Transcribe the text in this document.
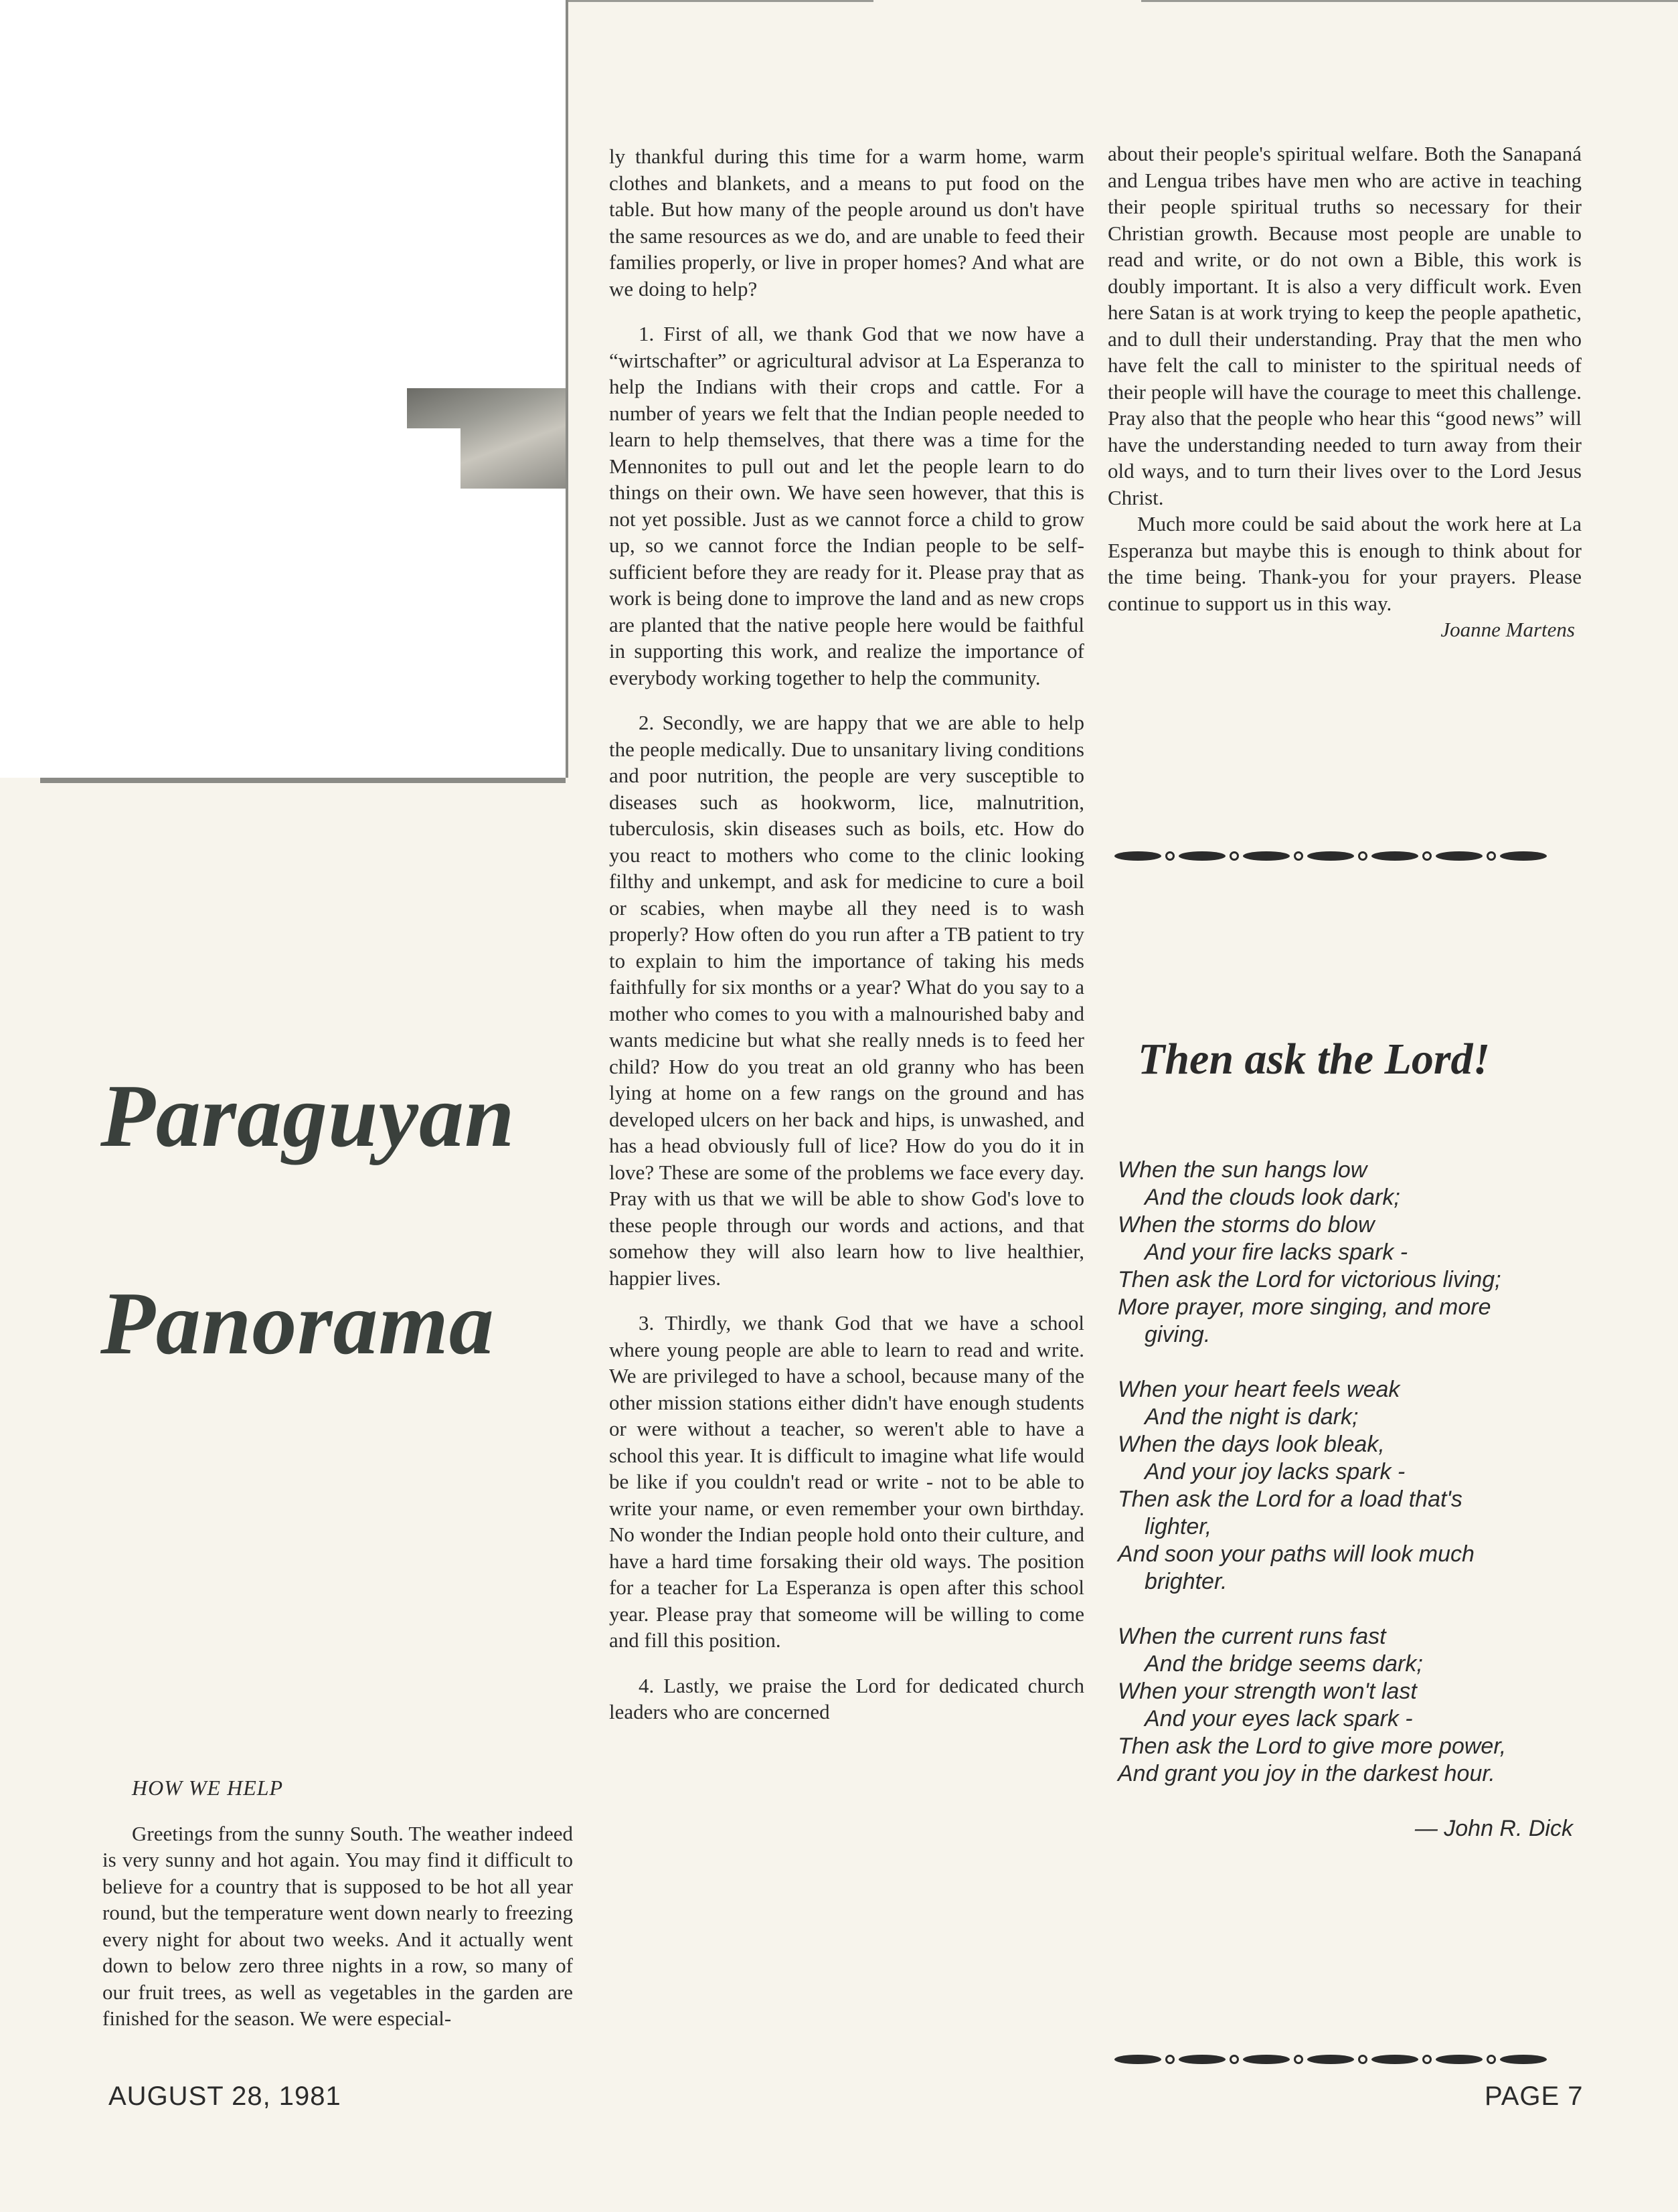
Paraguyan
Panorama

HOW WE HELP

Greetings from the sunny South. The weather indeed is very sunny and hot again. You may find it difficult to believe for a country that is supposed to be hot all year round, but the temperature went down nearly to freezing every night for about two weeks. And it actually went down to below zero three nights in a row, so many of our fruit trees, as well as vegetables in the garden are finished for the season. We were especial-

ly thankful during this time for a warm home, warm clothes and blankets, and a means to put food on the table. But how many of the people around us don't have the same resources as we do, and are unable to feed their families properly, or live in proper homes? And what are we doing to help?

1. First of all, we thank God that we now have a “wirtschafter” or agricultural advisor at La Esperanza to help the Indians with their crops and cattle. For a number of years we felt that the Indian people needed to learn to help themselves, that there was a time for the Mennonites to pull out and let the people learn to do things on their own. We have seen however, that this is not yet possible. Just as we cannot force a child to grow up, so we cannot force the Indian people to be self-sufficient before they are ready for it. Please pray that as work is being done to improve the land and as new crops are planted that the native people here would be faithful in supporting this work, and realize the importance of everybody working together to help the community.

2. Secondly, we are happy that we are able to help the people medically. Due to unsanitary living conditions and poor nutrition, the people are very susceptible to diseases such as hookworm, lice, malnutrition, tuberculosis, skin diseases such as boils, etc. How do you react to mothers who come to the clinic looking filthy and unkempt, and ask for medicine to cure a boil or scabies, when maybe all they need is to wash properly? How often do you run after a TB patient to try to explain to him the importance of taking his meds faithfully for six months or a year? What do you say to a mother who comes to you with a malnourished baby and wants medicine but what she really nneds is to feed her child? How do you treat an old granny who has been lying at home on a few rangs on the ground and has developed ulcers on her back and hips, is unwashed, and has a head obviously full of lice? How do you do it in love? These are some of the problems we face every day. Pray with us that we will be able to show God's love to these people through our words and actions, and that somehow they will also learn how to live healthier, happier lives.

3. Thirdly, we thank God that we have a school where young people are able to learn to read and write. We are privileged to have a school, because many of the other mission stations either didn't have enough students or were without a teacher, so weren't able to have a school this year. It is difficult to imagine what life would be like if you couldn't read or write - not to be able to write your name, or even remember your own birthday. No wonder the Indian people hold onto their culture, and have a hard time forsaking their old ways. The position for a teacher for La Esperanza is open after this school year. Please pray that someome will be willing to come and fill this position.

4. Lastly, we praise the Lord for dedicated church leaders who are concerned

about their people's spiritual welfare. Both the Sanapaná and Lengua tribes have men who are active in teaching their people spiritual truths so necessary for their Christian growth. Because most people are unable to read and write, or do not own a Bible, this work is doubly important. It is also a very difficult work. Even here Satan is at work trying to keep the people apathetic, and to dull their understanding. Pray that the men who have felt the call to minister to the spiritual needs of their people will have the courage to meet this challenge. Pray also that the people who hear this “good news” will have the understanding needed to turn away from their old ways, and to turn their lives over to the Lord Jesus Christ.

Much more could be said about the work here at La Esperanza but maybe this is enough to think about for the time being. Thank-you for your prayers. Please continue to support us in this way.

Joanne Martens

Then ask the Lord!
When the sun hangs low
And the clouds look dark;
When the storms do blow
And your fire lacks spark -
Then ask the Lord for victorious living;
More prayer, more singing, and more
giving.
When your heart feels weak
And the night is dark;
When the days look bleak,
And your joy lacks spark -
Then ask the Lord for a load that's
lighter,
And soon your paths will look much
brighter.
When the current runs fast
And the bridge seems dark;
When your strength won't last
And your eyes lack spark -
Then ask the Lord to give more power,
And grant you joy in the darkest hour.
— John R. Dick

AUGUST 28, 1981	PAGE 7
